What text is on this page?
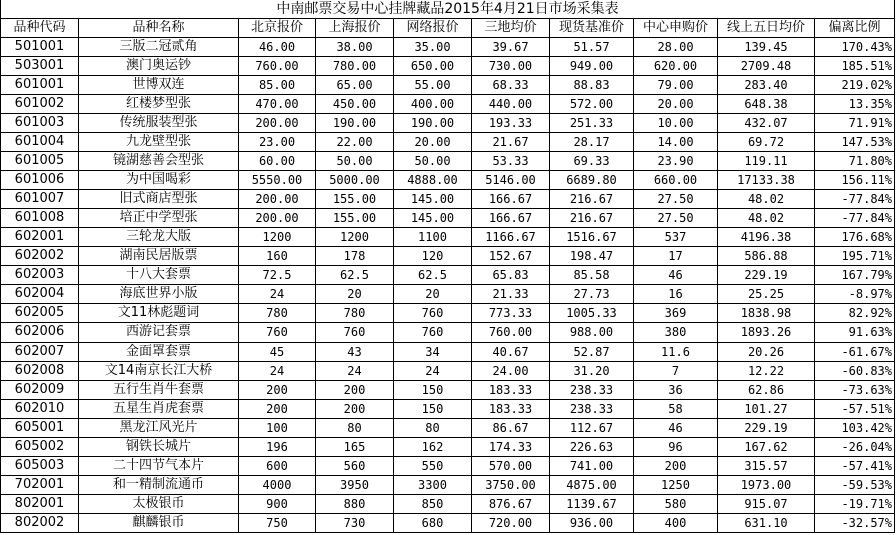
中南邮票交易中心挂牌藏品2015年4月21日市场采集表									
品种代码	品种名称	北京报价	上海报价	网络报价	三地均价	现货基准价	中心申购价	线上五日均价	偏离比例
501001	三版二冠贰角	46.00	38.00	35.00	39.67	51.57	28.00	139.45	170.43%
503001	澳门奥运钞	760.00	780.00	650.00	730.00	949.00	620.00	2709.48	185.51%
601001	世博双连	85.00	65.00	55.00	68.33	88.83	79.00	283.40	219.02%
601002	红楼梦型张	470.00	450.00	400.00	440.00	572.00	20.00	648.38	13.35%
601003	传统服装型张	200.00	190.00	190.00	193.33	251.33	10.00	432.07	71.91%
601004	九龙壁型张	23.00	22.00	20.00	21.67	28.17	14.00	69.72	147.53%
601005	镜湖慈善会型张	60.00	50.00	50.00	53.33	69.33	23.90	119.11	71.80%
601006	为中国喝彩	5550.00	5000.00	4888.00	5146.00	6689.80	660.00	17133.38	156.11%
601007	旧式商店型张	200.00	155.00	145.00	166.67	216.67	27.50	48.02	-77.84%
601008	培正中学型张	200.00	155.00	145.00	166.67	216.67	27.50	48.02	-77.84%
602001	三轮龙大版	1200	1200	1100	1166.67	1516.67	537	4196.38	176.68%
602002	湖南民居版票	160	178	120	152.67	198.47	17	586.88	195.71%
602003	十八大套票	72.5	62.5	62.5	65.83	85.58	46	229.19	167.79%
602004	海底世界小版	24	20	20	21.33	27.73	16	25.25	-8.97%
602005	文11林彪题词	780	780	760	773.33	1005.33	369	1838.98	82.92%
602006	西游记套票	760	760	760	760.00	988.00	380	1893.26	91.63%
602007	金面罩套票	45	43	34	40.67	52.87	11.6	20.26	-61.67%
602008	文14南京长江大桥	24	24	24	24.00	31.20	7	12.22	-60.83%
602009	五行生肖牛套票	200	200	150	183.33	238.33	36	62.86	-73.63%
602010	五星生肖虎套票	200	200	150	183.33	238.33	58	101.27	-57.51%
605001	黑龙江风光片	100	80	80	86.67	112.67	46	229.19	103.42%
605002	钢铁长城片	196	165	162	174.33	226.63	96	167.62	-26.04%
605003	二十四节气本片	600	560	550	570.00	741.00	200	315.57	-57.41%
702001	和一精制流通币	4000	3950	3300	3750.00	4875.00	1250	1973.00	-59.53%
802001	太极银币	900	880	850	876.67	1139.67	580	915.07	-19.71%
802002	麒麟银币	750	730	680	720.00	936.00	400	631.10	-32.57%
